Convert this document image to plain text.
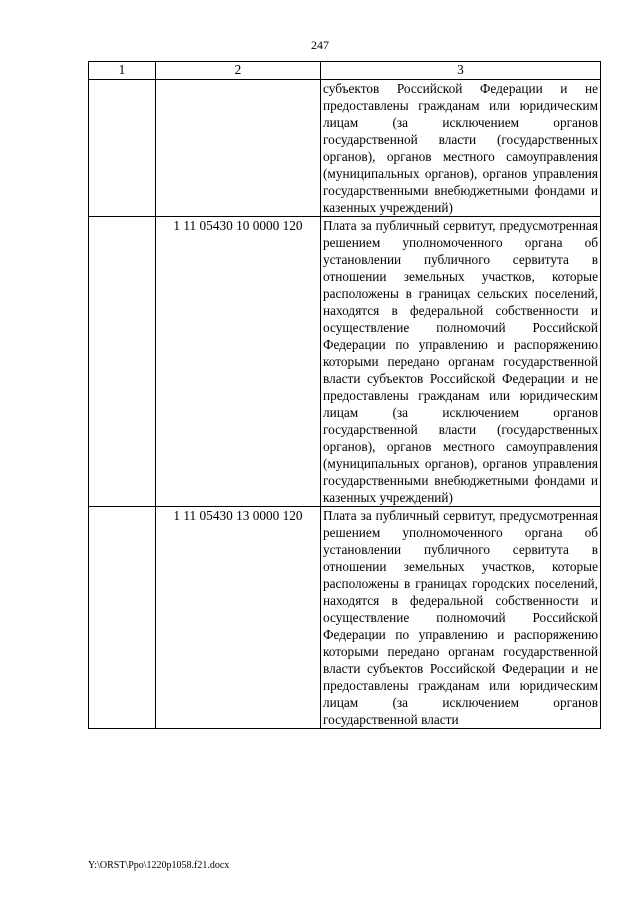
247
1	2	3
		субъектов Российской Федерации и не предоставлены гражданам или юридическим лицам (за исключением органов государственной власти (государственных органов), органов местного самоуправления (муниципальных органов), органов управления государственными внебюджетными фондами и казенных учреждений)
	1 11 05430 10 0000 120	Плата за публичный сервитут, предусмотренная решением уполномоченного органа об установлении публичного сервитута в отношении земельных участков, которые расположены в границах сельских поселений, находятся в федеральной собственности и осуществление полномочий Российской Федерации по управлению и распоряжению которыми передано органам государственной власти субъектов Российской Федерации и не предоставлены гражданам или юридическим лицам (за исключением органов государственной власти (государственных органов), органов местного самоуправления (муниципальных органов), органов управления государственными внебюджетными фондами и казенных учреждений)
	1 11 05430 13 0000 120	Плата за публичный сервитут, предусмотренная решением уполномоченного органа об установлении публичного сервитута в отношении земельных участков, которые расположены в границах городских поселений, находятся в федеральной собственности и осуществление полномочий Российской Федерации по управлению и распоряжению которыми передано органам государственной власти субъектов Российской Федерации и не предоставлены гражданам или юридическим лицам (за исключением органов государственной власти
Y:\ORST\Ppo\1220p1058.f21.docx
